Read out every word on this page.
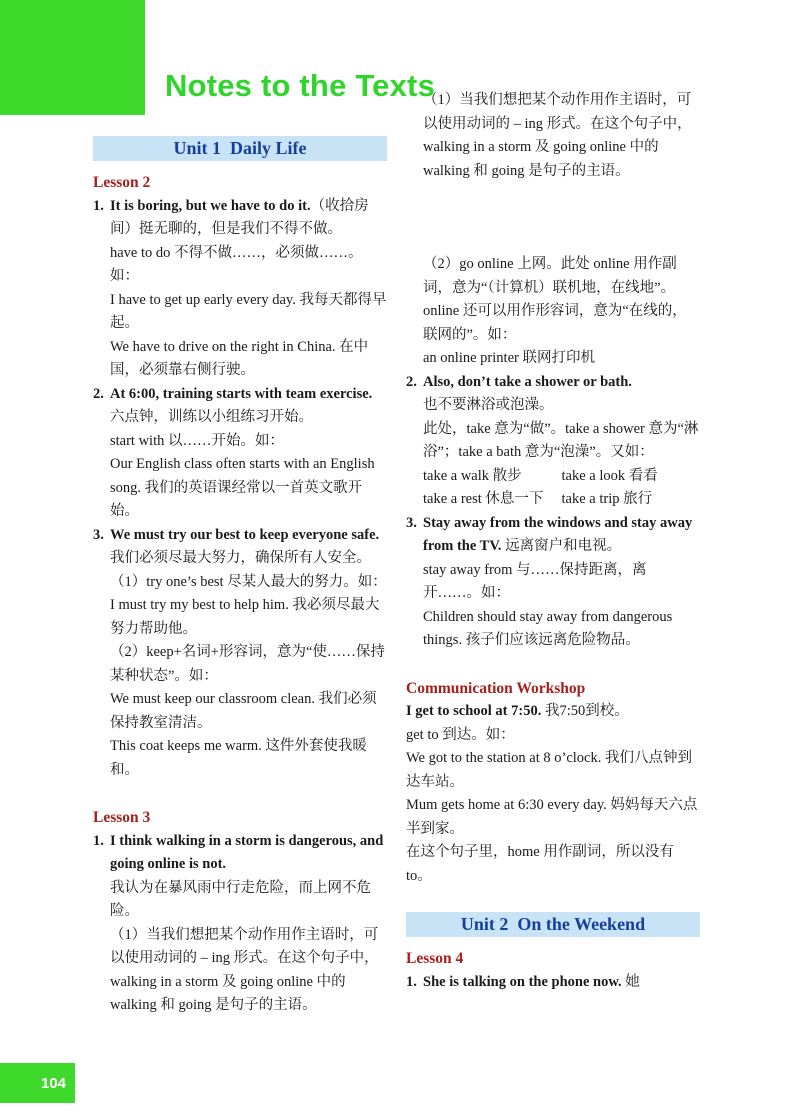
Notes to the Texts
Unit 1  Daily Life

Lesson 2

1. It is boring, but we have to do it.（收拾房间）挺无聊的，但是我们不得不做。

have to do 不得不做……，必须做……。如：

I have to get up early every day. 我每天都得早起。

We have to drive on the right in China. 在中国，必须靠右侧行驶。

2. At 6:00, training starts with team exercise. 六点钟，训练以小组练习开始。

start with 以……开始。如：

Our English class often starts with an English song. 我们的英语课经常以一首英文歌开始。

3. We must try our best to keep everyone safe. 我们必须尽最大努力，确保所有人安全。

（1）try one’s best 尽某人最大的努力。如：

I must try my best to help him. 我必须尽最大努力帮助他。

（2）keep+名词+形容词，意为“使……保持某种状态”。如：

We must keep our classroom clean. 我们必须保持教室清洁。

This coat keeps me warm. 这件外套使我暖和。

Lesson 3

1. I think walking in a storm is dangerous, and going online is not.

我认为在暴风雨中行走危险，而上网不危险。

（1）当我们想把某个动作用作主语时，可以使用动词的 – ing 形式。在这个句子中，walking in a storm 及 going online 中的 walking 和 going 是句子的主语。

（1）当我们想把某个动作用作主语时，可以使用动词的 – ing 形式。在这个句子中，walking in a storm 及 going online 中的 walking 和 going 是句子的主语。

（2）go online 上网。此处 online 用作副词，意为“（计算机）联机地，在线地”。online 还可以用作形容词，意为“在线的，联网的”。如：

an online printer 联网打印机

2. Also, don’t take a shower or bath.

也不要淋浴或泡澡。

此处，take 意为“做”。take a shower 意为“淋浴”；take a bath 意为“泡澡”。又如：

take a walk 散步	take a look 看看
take a rest 休息一下	take a trip 旅行
3. Stay away from the windows and stay away from the TV. 远离窗户和电视。

stay away from 与……保持距离，离开……。如：

Children should stay away from dangerous things. 孩子们应该远离危险物品。

Communication Workshop

I get to school at 7:50. 我7:50到校。

get to 到达。如：

We got to the station at 8 o’clock. 我们八点钟到达车站。

Mum gets home at 6:30 every day. 妈妈每天六点半到家。

在这个句子里，home 用作副词，所以没有 to。

Unit 2  On the Weekend

Lesson 4

1. She is talking on the phone now. 她

104
